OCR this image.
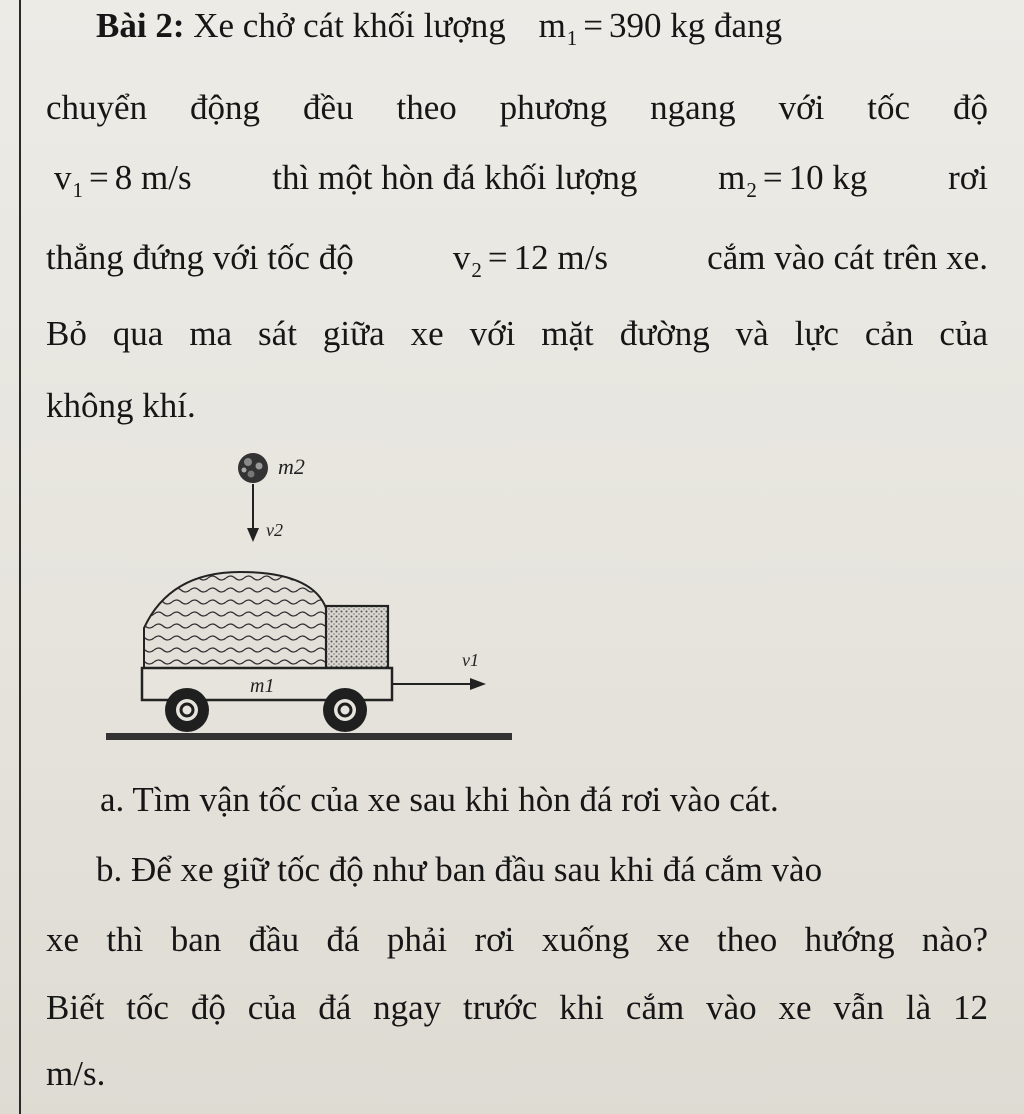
Bài 2: Xe chở cát khối lượng $m_1 = 390$ kg đang
chuyển động đều theo phương ngang với tốc độ
$v_1 = 8$ m/s thì một hòn đá khối lượng $m_2 = 10$ kg rơi
thẳng đứng với tốc độ	$v_2 = 12$ m/s	cắm vào cát trên xe.
Bỏ qua ma sát giữa xe với mặt đường và lực cản của
không khí.
m2
v2
m1
v1
a. Tìm vận tốc của xe sau khi hòn đá rơi vào cát.
b. Để xe giữ tốc độ như ban đầu sau khi đá cắm vào
xe thì ban đầu đá phải rơi xuống xe theo hướng nào?
Biết tốc độ của đá ngay trước khi cắm vào xe vẫn là 12
m/s.
